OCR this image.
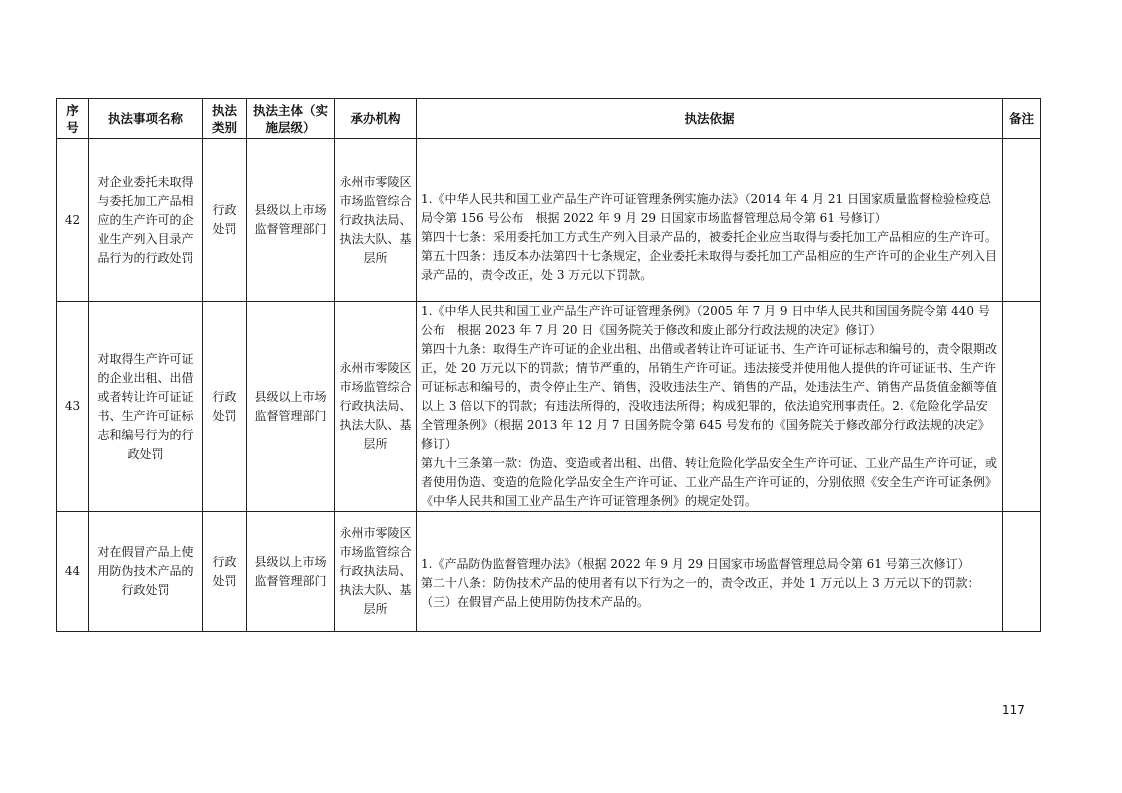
序号	执法事项名称	执法类别	执法主体（实施层级）	承办机构	执法依据	备注
42	对企业委托未取得与委托加工产品相应的生产许可的企业生产列入目录产品行为的行政处罚	行政处罚	县级以上市场监督管理部门	永州市零陵区市场监管综合行政执法局、执法大队、基层所	1.《中华人民共和国工业产品生产许可证管理条例实施办法》（2014 年 4 月 21 日国家质量监督检验检疫总局令第 156 号公布　根据 2022 年 9 月 29 日国家市场监督管理总局令第 61 号修订）

第四十七条：采用委托加工方式生产列入目录产品的，被委托企业应当取得与委托加工产品相应的生产许可。第五十四条：违反本办法第四十七条规定，企业委托未取得与委托加工产品相应的生产许可的企业生产列入目录产品的，责令改正，处 3 万元以下罚款。	

43	对取得生产许可证的企业出租、出借或者转让许可证证书、生产许可证标志和编号行为的行政处罚	行政处罚	县级以上市场监督管理部门	永州市零陵区市场监管综合行政执法局、执法大队、基层所	1.《中华人民共和国工业产品生产许可证管理条例》（2005 年 7 月 9 日中华人民共和国国务院令第 440 号公布　根据 2023 年 7 月 20 日《国务院关于修改和废止部分行政法规的决定》修订）

第四十九条：取得生产许可证的企业出租、出借或者转让许可证证书、生产许可证标志和编号的，责令限期改正，处 20 万元以下的罚款；情节严重的，吊销生产许可证。违法接受并使用他人提供的许可证证书、生产许可证标志和编号的，责令停止生产、销售，没收违法生产、销售的产品，处违法生产、销售产品货值金额等值以上 3 倍以下的罚款；有违法所得的，没收违法所得；构成犯罪的，依法追究刑事责任。2.《危险化学品安全管理条例》（根据 2013 年 12 月 7 日国务院令第 645 号发布的《国务院关于修改部分行政法规的决定》修订）

第九十三条第一款：伪造、变造或者出租、出借、转让危险化学品安全生产许可证、工业产品生产许可证，或者使用伪造、变造的危险化学品安全生产许可证、工业产品生产许可证的，分别依照《安全生产许可证条例》《中华人民共和国工业产品生产许可证管理条例》的规定处罚。	

44	对在假冒产品上使用防伪技术产品的行政处罚	行政处罚	县级以上市场监督管理部门	永州市零陵区市场监管综合行政执法局、执法大队、基层所	1.《产品防伪监督管理办法》（根据 2022 年 9 月 29 日国家市场监督管理总局令第 61 号第三次修订）

第二十八条：防伪技术产品的使用者有以下行为之一的，责令改正，并处 1 万元以上 3 万元以下的罚款：（三）在假冒产品上使用防伪技术产品的。	

117
